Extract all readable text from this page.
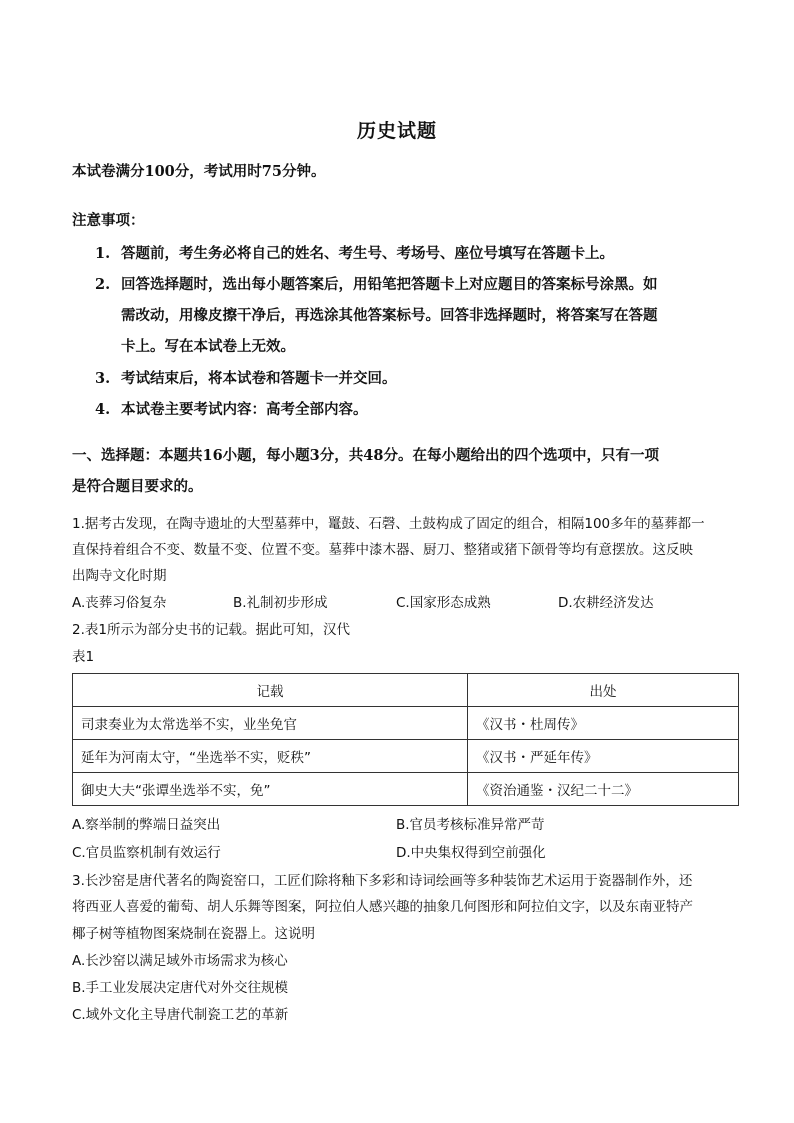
历史试题
本试卷满分100分，考试用时75分钟。
注意事项：
1. 答题前，考生务必将自己的姓名、考生号、考场号、座位号填写在答题卡上。
2. 回答选择题时，选出每小题答案后，用铅笔把答题卡上对应题目的答案标号涂黑。如
需改动，用橡皮擦干净后，再选涂其他答案标号。回答非选择题时，将答案写在答题
卡上。写在本试卷上无效。
3. 考试结束后，将本试卷和答题卡一并交回。
4. 本试卷主要考试内容：高考全部内容。
一、选择题：本题共16小题，每小题3分，共48分。在每小题给出的四个选项中，只有一项
是符合题目要求的。
1.据考古发现，在陶寺遗址的大型墓葬中，鼍鼓、石磬、土鼓构成了固定的组合，相隔100多年的墓葬都一
直保持着组合不变、数量不变、位置不变。墓葬中漆木器、厨刀、整猪或猪下颌骨等均有意摆放。这反映
出陶寺文化时期
A.丧葬习俗复杂	B.礼制初步形成	C.国家形态成熟	D.农耕经济发达
2.表1所示为部分史书的记载。据此可知，汉代
表1
记载	出处
司隶奏业为太常选举不实，业坐免官	《汉书・杜周传》
延年为河南太守，“坐选举不实，贬秩”	《汉书・严延年传》
御史大夫“张谭坐选举不实，免”	《资治通鉴・汉纪二十二》
A.察举制的弊端日益突出	B.官员考核标准异常严苛
C.官员监察机制有效运行	D.中央集权得到空前强化
3.长沙窑是唐代著名的陶瓷窑口，工匠们除将釉下多彩和诗词绘画等多种装饰艺术运用于瓷器制作外，还
将西亚人喜爱的葡萄、胡人乐舞等图案，阿拉伯人感兴趣的抽象几何图形和阿拉伯文字，以及东南亚特产
椰子树等植物图案烧制在瓷器上。这说明
A.长沙窑以满足域外市场需求为核心
B.手工业发展决定唐代对外交往规模
C.域外文化主导唐代制瓷工艺的革新
